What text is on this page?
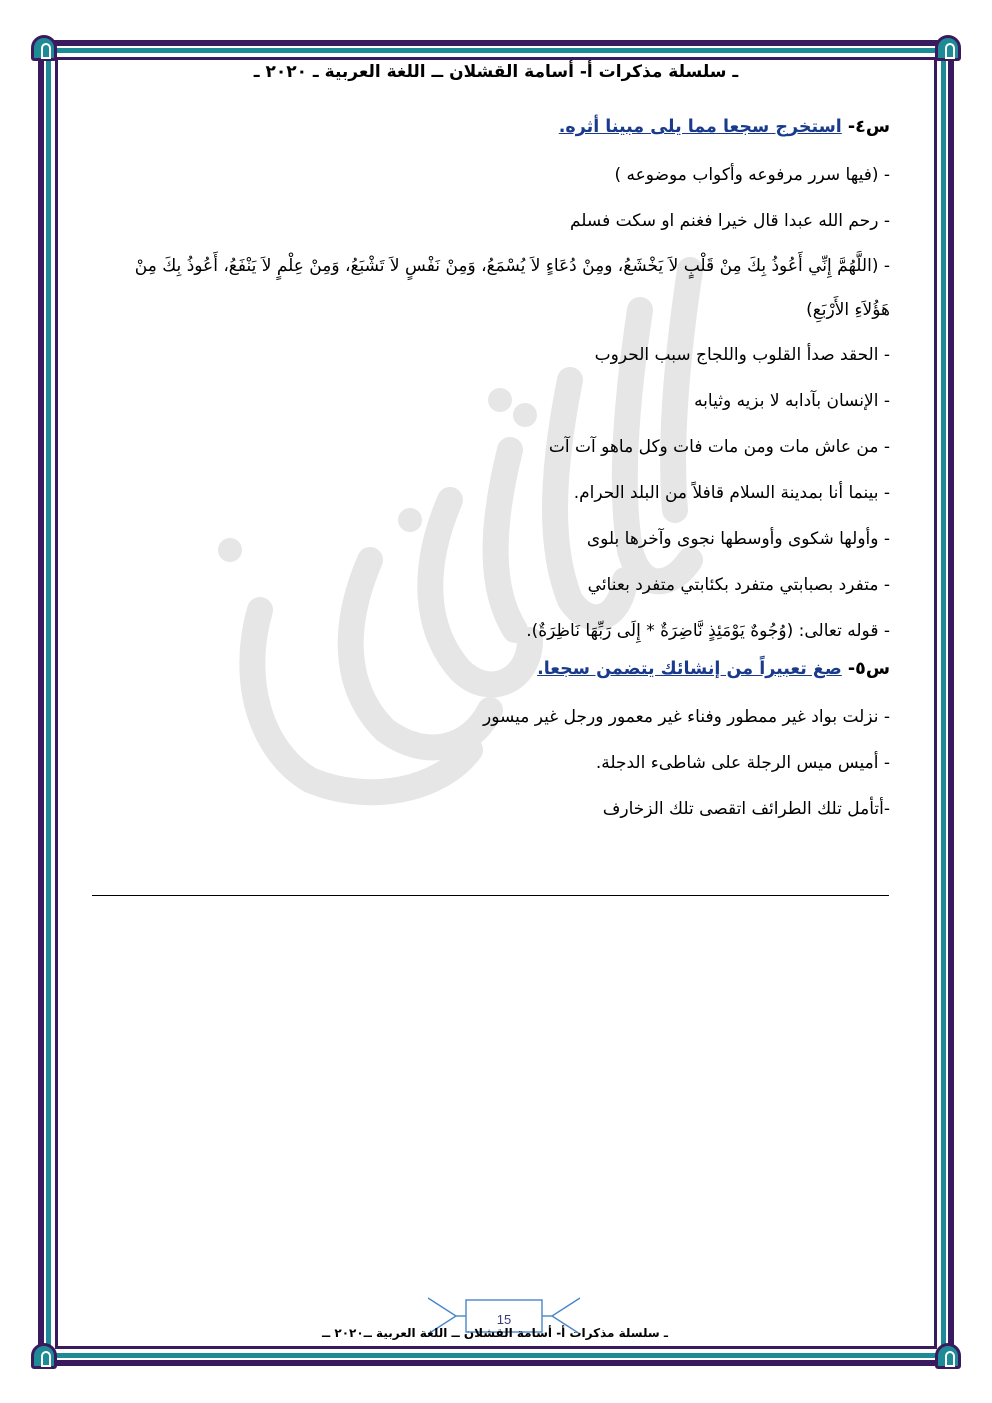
ـ سلسلة مذكرات أ- أسامة القشلان ــ اللغة العربية ـ ٢٠٢٠ ـ
س٤- استخرج سجعا مما يلى مبينا أثره.
- (فيها سرر مرفوعه وأكواب موضوعه )
- رحم الله عبدا قال خيرا فغنم او سكت فسلم
- (اللَّهُمَّ إِنِّي أَعُوذُ بِكَ مِنْ قَلْبٍ لاَ يَخْشَعُ، ومِنْ دُعَاءٍ لاَ يُسْمَعُ، وَمِنْ نَفْسٍ لاَ تَشْبَعُ، وَمِنْ عِلْمٍ لاَ يَنْفَعُ، أَعُوذُ بِكَ مِنْ هَؤُلاَءِ الأَرْبَعِ)
- الحقد صدأ القلوب واللجاج سبب الحروب
- الإنسان بآدابه لا بزيه وثيابه
- من عاش مات ومن مات فات وكل ماهو آت آت
- بينما أنا بمدينة السلام قافلاً من البلد الحرام.
- وأولها شكوى وأوسطها نجوى وآخرها بلوى
- متفرد بصبابتي متفرد بكئابتي متفرد بعنائي
- قوله تعالى: (وُجُوهٌ يَوْمَئِذٍ نَّاضِرَةٌ * إِلَى رَبِّهَا نَاظِرَةٌ).
س٥- صغ تعبيراً من إنشائك يتضمن سجعا.
- نزلت بواد غير ممطور وفناء غير معمور ورجل غير ميسور
- أميس ميس الرجلة على شاطىء الدجلة.
-أتأمل تلك الطرائف اتقصى تلك الزخارف
15
ـ سلسلة مذكرات أ- أسامة القشلان ــ اللغة العربية ــ٢٠٢٠ ــ
